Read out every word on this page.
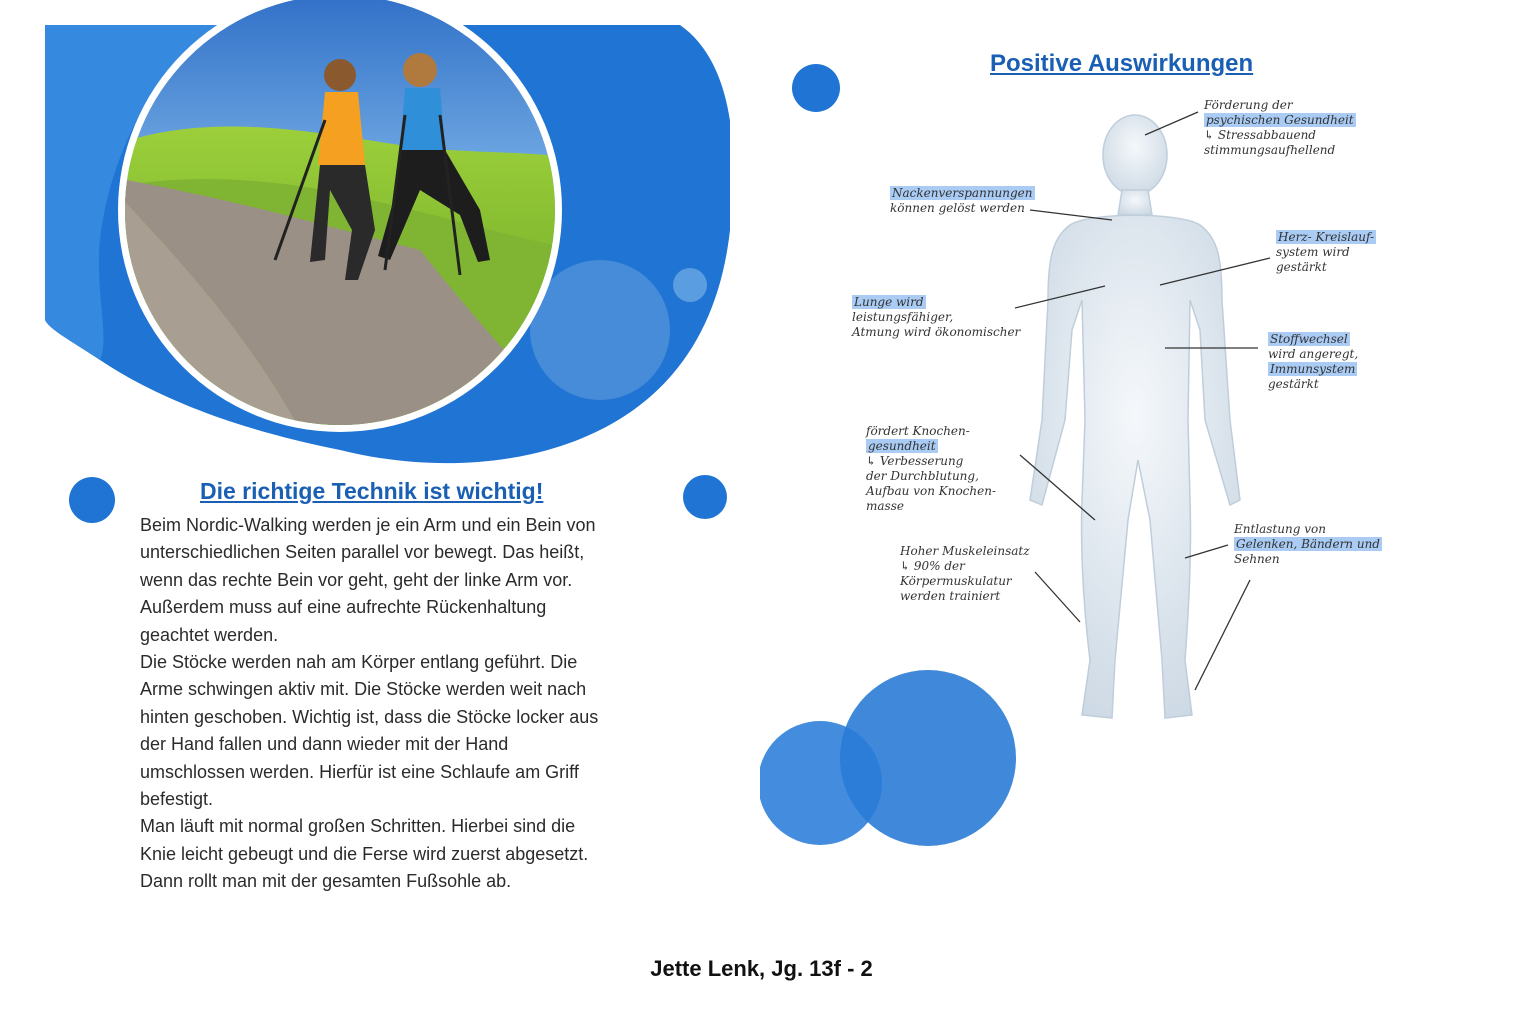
Die richtige Technik ist wichtig!

Beim Nordic-Walking werden je ein Arm und ein Bein von
unterschiedlichen Seiten parallel vor bewegt. Das heißt,
wenn das rechte Bein vor geht, geht der linke Arm vor.
Außerdem muss auf eine aufrechte Rückenhaltung
geachtet werden.
Die Stöcke werden nah am Körper entlang geführt. Die
Arme schwingen aktiv mit. Die Stöcke werden weit nach
hinten geschoben. Wichtig ist, dass die Stöcke locker aus
der Hand fallen und dann wieder mit der Hand
umschlossen werden. Hierfür ist eine Schlaufe am Griff
befestigt.
Man läuft mit normal großen Schritten. Hierbei sind die
Knie leicht gebeugt und die Ferse wird zuerst abgesetzt.
Dann rollt man mit der gesamten Fußsohle ab.

Positive Auswirkungen
Förderung der
psychischen Gesundheit
↳ Stressabbauend
stimmungsaufhellend
Nackenverspannungen
können gelöst werden
Herz- Kreislauf-
system wird
gestärkt
Lunge wird
leistungsfähiger,
Atmung wird ökonomischer	Stoffwechsel
wird angeregt,
Immunsystem
gestärkt
fördert Knochen-
gesundheit
↳ Verbesserung
der Durchblutung,
Aufbau von Knochen-
masse
Entlastung von
Gelenken, Bändern und
Sehnen
Hoher Muskeleinsatz
↳ 90% der
Körpermuskulatur
werden trainiert

Jette Lenk, Jg. 13f - 2
